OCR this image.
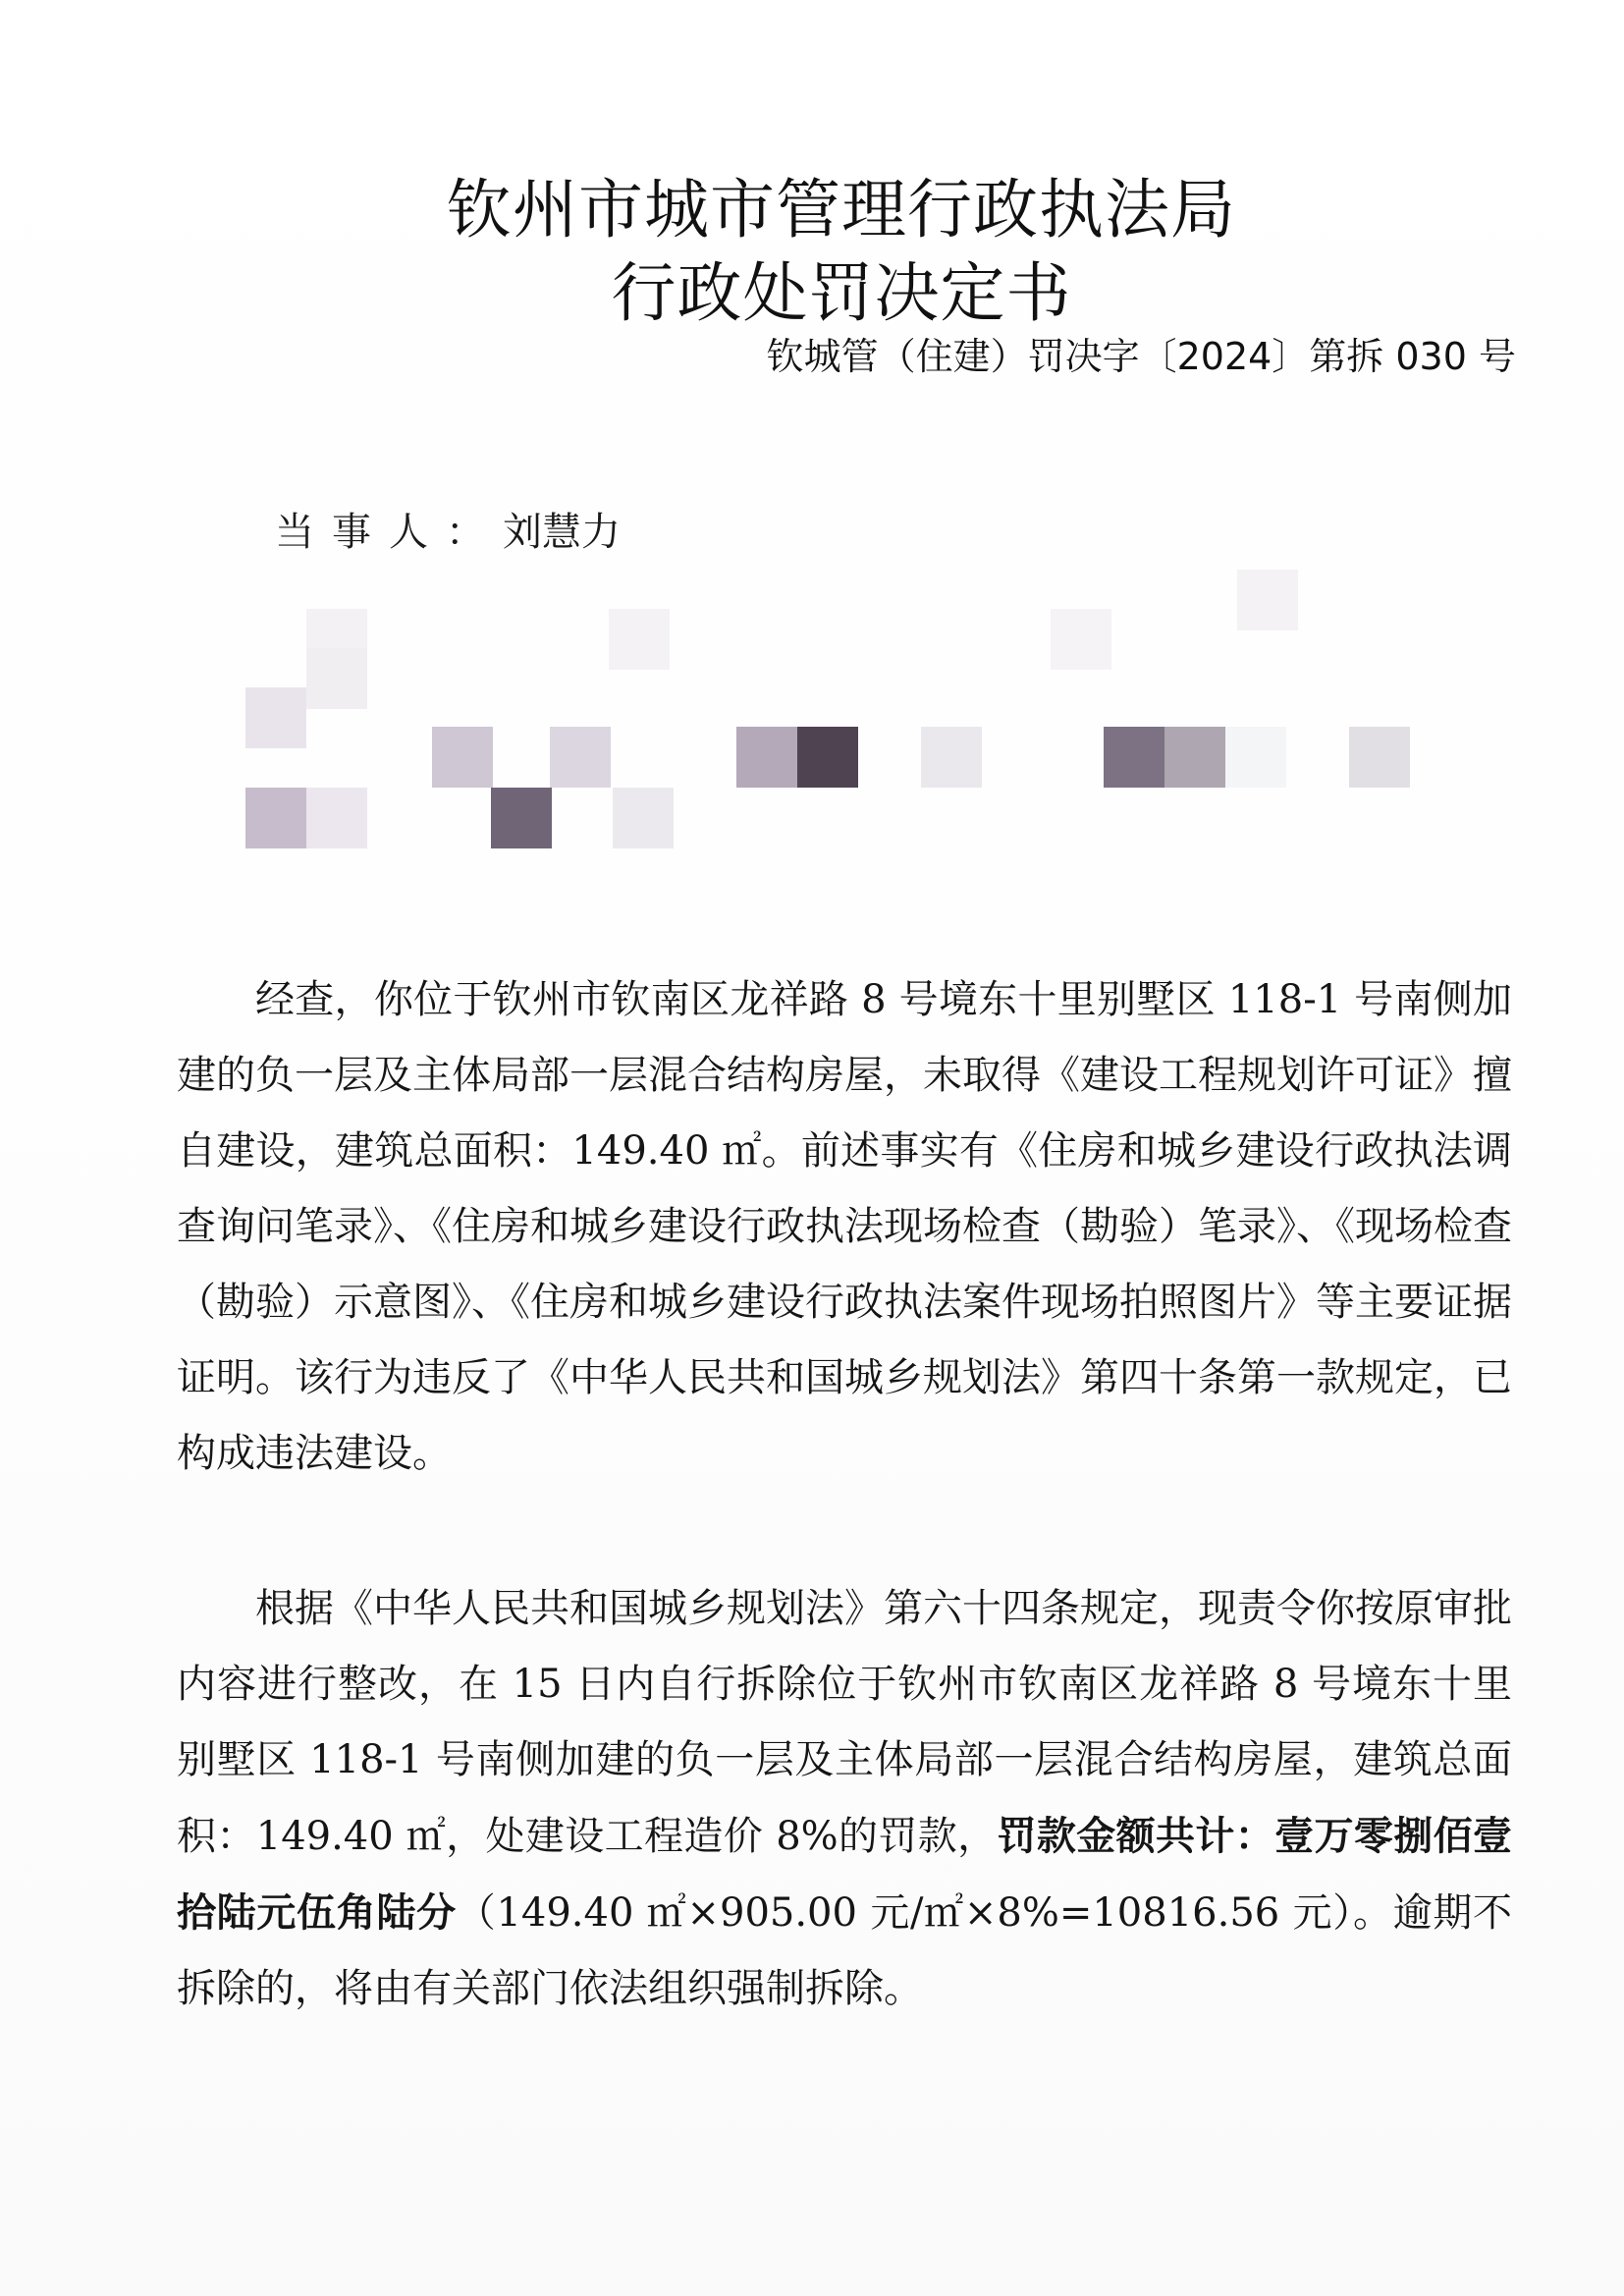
钦州市城市管理行政执法局
行政处罚决定书
钦城管（住建）罚决字〔2024〕第拆 030 号
当事人：刘慧力

经查，你位于钦州市钦南区龙祥路 8 号境东十里别墅区 118-1 号南侧加建的负一层及主体局部一层混合结构房屋，未取得《建设工程规划许可证》擅自建设，建筑总面积：149.40 ㎡。前述事实有《住房和城乡建设行政执法调查询问笔录》、《住房和城乡建设行政执法现场检查（勘验）笔录》、《现场检查（勘验）示意图》、《住房和城乡建设行政执法案件现场拍照图片》等主要证据证明。该行为违反了《中华人民共和国城乡规划法》第四十条第一款规定，已构成违法建设。

根据《中华人民共和国城乡规划法》第六十四条规定，现责令你按原审批内容进行整改，在 15 日内自行拆除位于钦州市钦南区龙祥路 8 号境东十里别墅区 118-1 号南侧加建的负一层及主体局部一层混合结构房屋，建筑总面积：149.40 ㎡，处建设工程造价 8%的罚款，罚款金额共计：壹万零捌佰壹拾陆元伍角陆分（149.40 ㎡×905.00 元/㎡×8%=10816.56 元）。逾期不拆除的，将由有关部门依法组织强制拆除。
